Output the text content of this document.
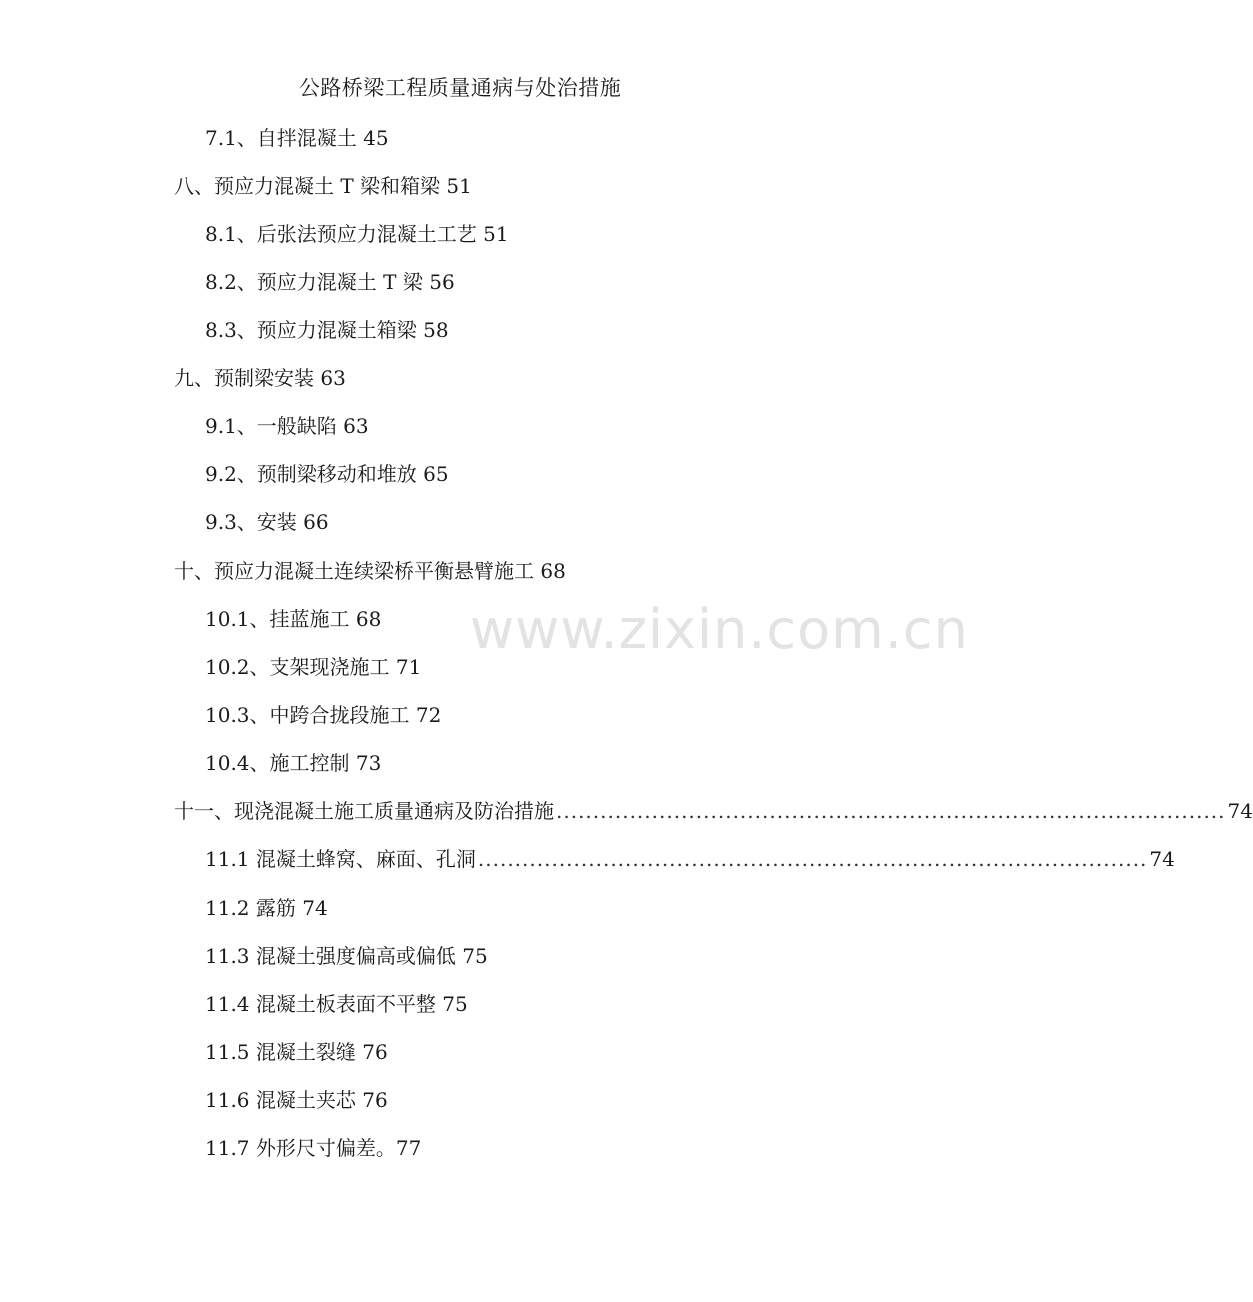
公路桥梁工程质量通病与处治措施
7.1、自拌混凝土 45
八、预应力混凝土 T 梁和箱梁 51
8.1、后张法预应力混凝土工艺 51
8.2、预应力混凝土 T 梁 56
8.3、预应力混凝土箱梁 58
九、预制梁安装 63
9.1、一般缺陷 63
9.2、预制梁移动和堆放 65
9.3、安装 66
十、预应力混凝土连续梁桥平衡悬臂施工 68
10.1、挂蓝施工 68
10.2、支架现浇施工 71
10.3、中跨合拢段施工 72
10.4、施工控制 73
十一、现浇混凝土施工质量通病及防治措施 ........................................................................................... 74
11.1 混凝土蜂窝、麻面、孔洞 ........................................................................................... 74
11.2 露筋 74
11.3 混凝土强度偏高或偏低 75
11.4 混凝土板表面不平整 75
11.5 混凝土裂缝 76
11.6 混凝土夹芯 76
11.7 外形尺寸偏差。77
www.zixin.com.cn
